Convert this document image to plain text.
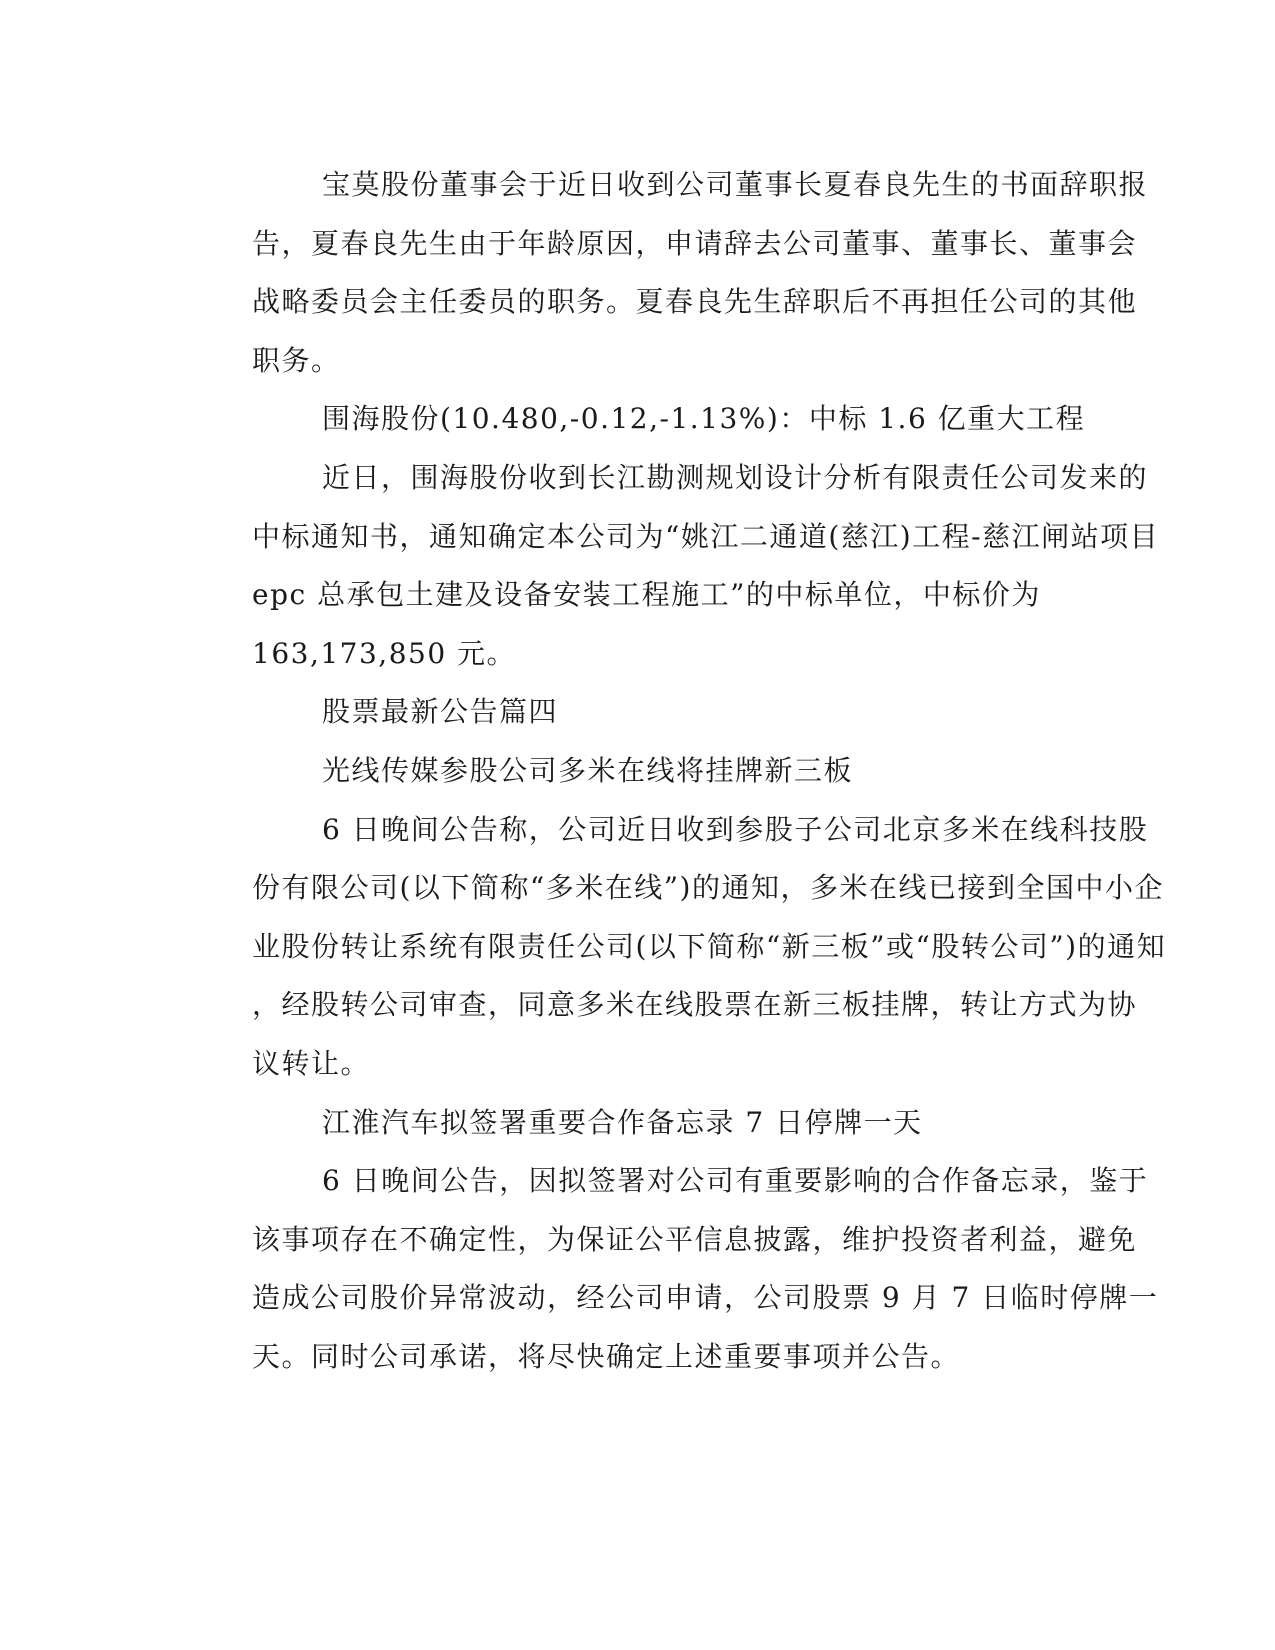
宝莫股份董事会于近日收到公司董事长夏春良先生的书面辞职报
告，夏春良先生由于年龄原因，申请辞去公司董事、董事长、董事会
战略委员会主任委员的职务。夏春良先生辞职后不再担任公司的其他
职务。
围海股份(10.480,-0.12,-1.13%)：中标 1.6 亿重大工程
近日，围海股份收到长江勘测规划设计分析有限责任公司发来的
中标通知书，通知确定本公司为“姚江二通道(慈江)工程-慈江闸站项目
epc 总承包土建及设备安装工程施工”的中标单位，中标价为
163,173,850 元。
股票最新公告篇四
光线传媒参股公司多米在线将挂牌新三板
6 日晚间公告称，公司近日收到参股子公司北京多米在线科技股
份有限公司(以下简称“多米在线”)的通知，多米在线已接到全国中小企
业股份转让系统有限责任公司(以下简称“新三板”或“股转公司”)的通知
，经股转公司审查，同意多米在线股票在新三板挂牌，转让方式为协
议转让。
江淮汽车拟签署重要合作备忘录 7 日停牌一天
6 日晚间公告，因拟签署对公司有重要影响的合作备忘录，鉴于
该事项存在不确定性，为保证公平信息披露，维护投资者利益，避免
造成公司股价异常波动，经公司申请，公司股票 9 月 7 日临时停牌一
天。同时公司承诺，将尽快确定上述重要事项并公告。
